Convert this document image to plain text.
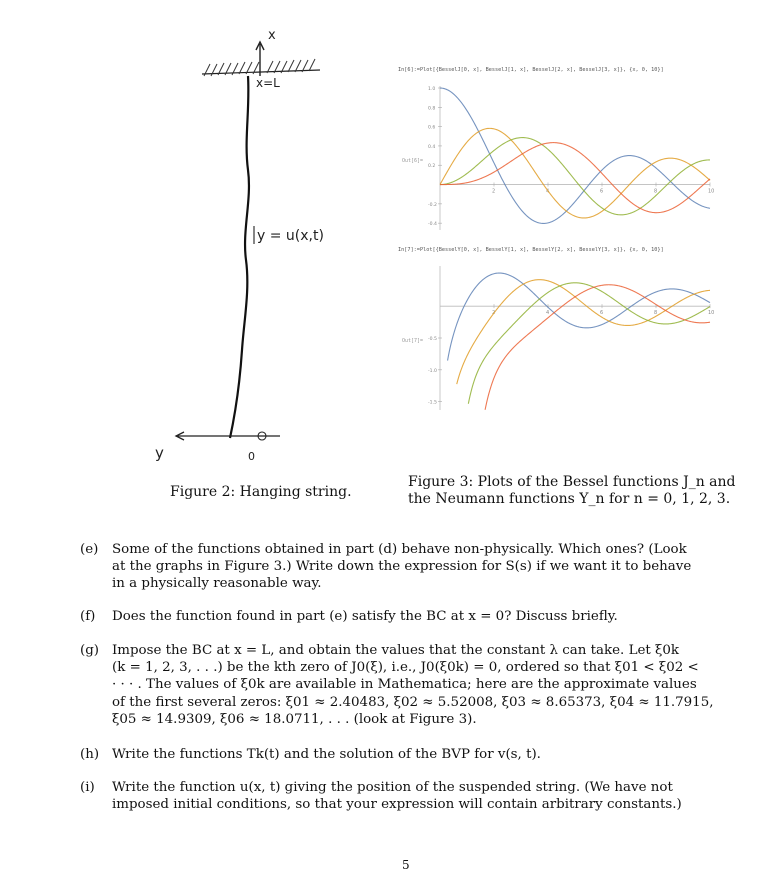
x
x=L
y = u(x,t)
y	0
Figure 2: Hanging string.
In[6]:= Plot[{BesselJ[0, x], BesselJ[1, x], BesselJ[2, x], BesselJ[3, x]}, {x, 0, 10}]
Out[6]=
2	4	6	8	10
1.0
0.8
0.6
0.4
0.2
-0.2
-0.4
In[7]:= Plot[{BesselY[0, x], BesselY[1, x], BesselY[2, x], BesselY[3, x]}, {x, 0, 10}]
Out[7]=
2	4	6	8	10
-0.5
-1.0
-1.5
Figure 3: Plots of the Bessel functions J_n and
the Neumann functions Y_n for n = 0, 1, 2, 3.
(e) Some of the functions obtained in part (d) behave non-physically. Which ones? (Look
at the graphs in Figure 3.) Write down the expression for S(s) if we want it to behave
in a physically reasonable way.
(f) Does the function found in part (e) satisfy the BC at x = 0? Discuss briefly.
(g) Impose the BC at x = L, and obtain the values that the constant λ can take. Let ξ0k
(k = 1, 2, 3, . . .) be the kth zero of J0(ξ), i.e., J0(ξ0k) = 0, ordered so that ξ01 < ξ02 <
· · · . The values of ξ0k are available in Mathematica; here are the approximate values
of the first several zeros: ξ01 ≈ 2.40483, ξ02 ≈ 5.52008, ξ03 ≈ 8.65373, ξ04 ≈ 11.7915,
ξ05 ≈ 14.9309, ξ06 ≈ 18.0711, . . . (look at Figure 3).
(h) Write the functions Tk(t) and the solution of the BVP for v(s, t).
(i) Write the function u(x, t) giving the position of the suspended string. (We have not
imposed initial conditions, so that your expression will contain arbitrary constants.)
5
